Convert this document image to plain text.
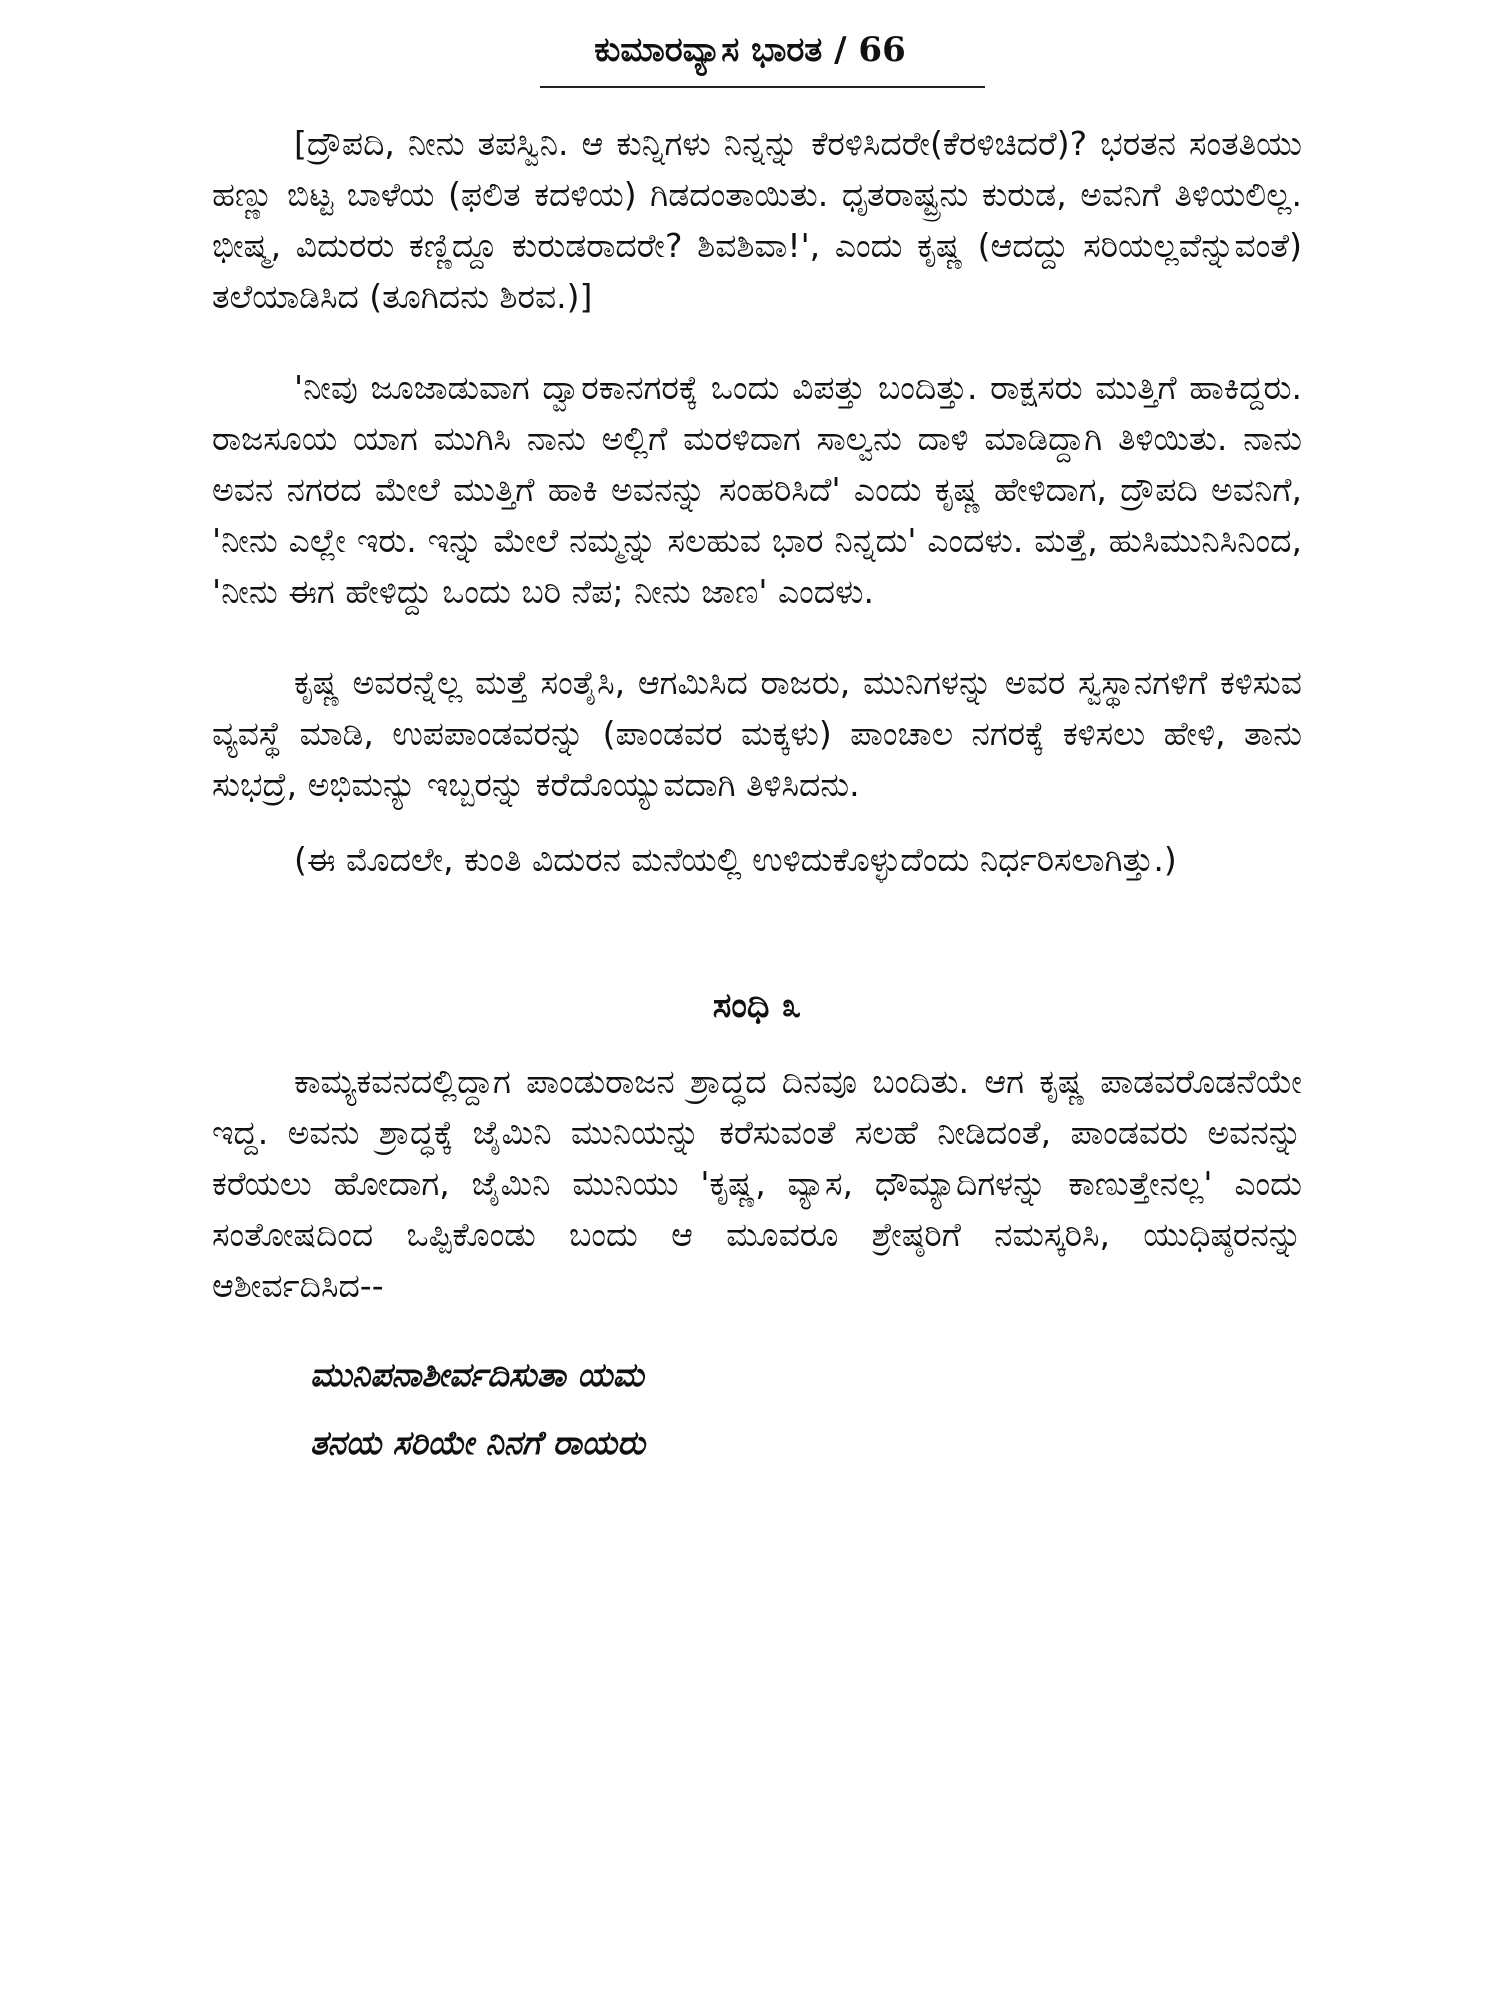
ಕುಮಾರವ್ಯಾಸ ಭಾರತ / 66

[ದ್ರೌಪದಿ, ನೀನು ತಪಸ್ವಿನಿ. ಆ ಕುನ್ನಿಗಳು ನಿನ್ನನ್ನು ಕೆರಳಿಸಿದರೇ(ಕೆರಳಿಚಿದರೆ)? ಭರತನ ಸಂತತಿಯು ಹಣ್ಣು ಬಿಟ್ಟ ಬಾಳೆಯ (ಫಲಿತ ಕದಳಿಯ) ಗಿಡದಂತಾಯಿತು. ಧೃತರಾಷ್ಟ್ರನು ಕುರುಡ, ಅವನಿಗೆ ತಿಳಿಯಲಿಲ್ಲ. ಭೀಷ್ಮ, ವಿದುರರು ಕಣ್ಣಿದ್ದೂ ಕುರುಡರಾದರೇ? ಶಿವಶಿವಾ!', ಎಂದು ಕೃಷ್ಣ (ಆದದ್ದು ಸರಿಯಲ್ಲವೆನ್ನುವಂತೆ) ತಲೆಯಾಡಿಸಿದ (ತೂಗಿದನು ಶಿರವ.)]

'ನೀವು ಜೂಜಾಡುವಾಗ ದ್ವಾರಕಾನಗರಕ್ಕೆ ಒಂದು ವಿಪತ್ತು ಬಂದಿತ್ತು. ರಾಕ್ಷಸರು ಮುತ್ತಿಗೆ ಹಾಕಿದ್ದರು. ರಾಜಸೂಯ ಯಾಗ ಮುಗಿಸಿ ನಾನು ಅಲ್ಲಿಗೆ ಮರಳಿದಾಗ ಸಾಲ್ವನು ದಾಳಿ ಮಾಡಿದ್ದಾಗಿ ತಿಳಿಯಿತು. ನಾನು ಅವನ ನಗರದ ಮೇಲೆ ಮುತ್ತಿಗೆ ಹಾಕಿ ಅವನನ್ನು ಸಂಹರಿಸಿದೆ' ಎಂದು ಕೃಷ್ಣ ಹೇಳಿದಾಗ, ದ್ರೌಪದಿ ಅವನಿಗೆ, 'ನೀನು ಎಲ್ಲೇ ಇರು. ಇನ್ನು ಮೇಲೆ ನಮ್ಮನ್ನು ಸಲಹುವ ಭಾರ ನಿನ್ನದು' ಎಂದಳು. ಮತ್ತೆ, ಹುಸಿಮುನಿಸಿನಿಂದ, 'ನೀನು ಈಗ ಹೇಳಿದ್ದು ಒಂದು ಬರಿ ನೆಪ; ನೀನು ಜಾಣ' ಎಂದಳು.

ಕೃಷ್ಣ ಅವರನ್ನೆಲ್ಲ ಮತ್ತೆ ಸಂತೈಸಿ, ಆಗಮಿಸಿದ ರಾಜರು, ಮುನಿಗಳನ್ನು ಅವರ ಸ್ವಸ್ಥಾನಗಳಿಗೆ ಕಳಿಸುವ ವ್ಯವಸ್ಥೆ ಮಾಡಿ, ಉಪಪಾಂಡವರನ್ನು (ಪಾಂಡವರ ಮಕ್ಕಳು) ಪಾಂಚಾಲ ನಗರಕ್ಕೆ ಕಳಿಸಲು ಹೇಳಿ, ತಾನು ಸುಭದ್ರೆ, ಅಭಿಮನ್ಯು ಇಬ್ಬರನ್ನು ಕರೆದೊಯ್ಯುವದಾಗಿ ತಿಳಿಸಿದನು.

(ಈ ಮೊದಲೇ, ಕುಂತಿ ವಿದುರನ ಮನೆಯಲ್ಲಿ ಉಳಿದುಕೊಳ್ಳುದೆಂದು ನಿರ್ಧರಿಸಲಾಗಿತ್ತು.)

ಸಂಧಿ ೩

ಕಾಮ್ಯಕವನದಲ್ಲಿದ್ದಾಗ ಪಾಂಡುರಾಜನ ಶ್ರಾದ್ಧದ ದಿನವೂ ಬಂದಿತು. ಆಗ ಕೃಷ್ಣ ಪಾಡವರೊಡನೆಯೇ ಇದ್ದ. ಅವನು ಶ್ರಾದ್ಧಕ್ಕೆ ಜೈಮಿನಿ ಮುನಿಯನ್ನು ಕರೆಸುವಂತೆ ಸಲಹೆ ನೀಡಿದಂತೆ, ಪಾಂಡವರು ಅವನನ್ನು ಕರೆಯಲು ಹೋದಾಗ, ಜೈಮಿನಿ ಮುನಿಯು 'ಕೃಷ್ಣ, ವ್ಯಾಸ, ಧೌಮ್ಯಾದಿಗಳನ್ನು ಕಾಣುತ್ತೇನಲ್ಲ' ಎಂದು ಸಂತೋಷದಿಂದ ಒಪ್ಪಿಕೊಂಡು ಬಂದು ಆ ಮೂವರೂ ಶ್ರೇಷ್ಠರಿಗೆ ನಮಸ್ಕರಿಸಿ, ಯುಧಿಷ್ಠರನನ್ನು ಆಶೀರ್ವದಿಸಿದ--

ಮುನಿಪನಾಶೀರ್ವದಿಸುತಾ ಯಮ
ತನಯ ಸರಿಯೇ ನಿನಗೆ ರಾಯರು
